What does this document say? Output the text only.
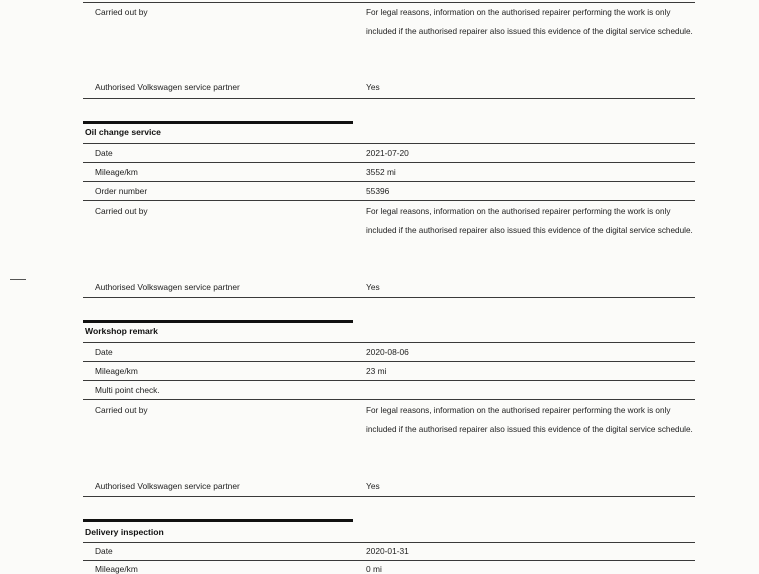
Carried out by	For legal reasons, information on the authorised repairer performing the work is only included if the authorised repairer also issued this evidence of the digital service schedule.
Authorised Volkswagen service partner	Yes
Oil change service
Date	2021-07-20
Mileage/km	3552 mi
Order number	55396
Carried out by	For legal reasons, information on the authorised repairer performing the work is only included if the authorised repairer also issued this evidence of the digital service schedule.
Authorised Volkswagen service partner	Yes
Workshop remark
Date	2020-08-06
Mileage/km	23 mi
Multi point check.
Carried out by	For legal reasons, information on the authorised repairer performing the work is only included if the authorised repairer also issued this evidence of the digital service schedule.
Authorised Volkswagen service partner	Yes
Delivery inspection
Date	2020-01-31
Mileage/km	0 mi
